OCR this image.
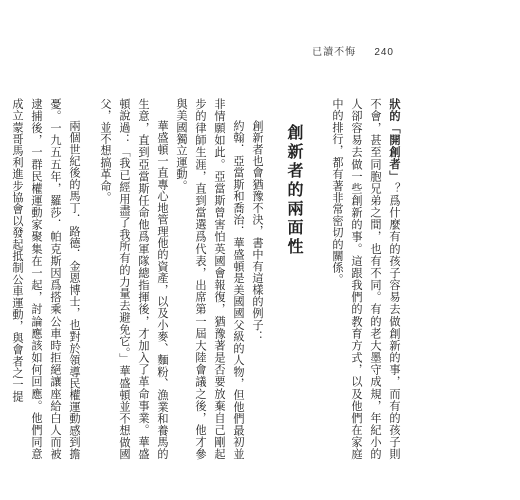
已讀不悔 240

狀的「開創者」？爲什麼有的孩子容易去做創新的事，而有的孩子則不會，甚至同胞兄弟之間，也有不同。有的老大墨守成規，年紀小的人卻容易去做一些創新的事。這跟我們的教育方式，以及他們在家庭中的排行，都有著非常密切的關係。

創新者的兩面性

創新者也會猶豫不決，書中有這樣的例子：

約翰．亞當斯和喬治．華盛頓是美國國父級的人物，但他們最初並非情願如此。亞當斯曾害怕英國會報復，猶豫著是否要放棄自己剛起步的律師生涯，直到當選爲代表，出席第一屆大陸會議之後，他才參與美國獨立運動。

華盛頓一直專心地管理他的資產，以及小麥、麵粉、漁業和養馬的生意，直到亞當斯任命他爲軍隊總指揮後，才加入了革命事業。華盛頓說過：「我已經用盡了我所有的力量去避免它。」華盛頓並不想做國父，並不想搞革命。

兩個世紀後的馬丁．路德．金恩博士，也對於領導民權運動感到擔憂。一九五五年，羅莎．帕克斯因爲搭乘公車時拒絕讓座給白人而被逮捕後，一群民權運動家聚集在一起，討論應該如何回應。他們同意成立蒙哥馬利進步協會以發起抵制公車運動，與會者之一提
